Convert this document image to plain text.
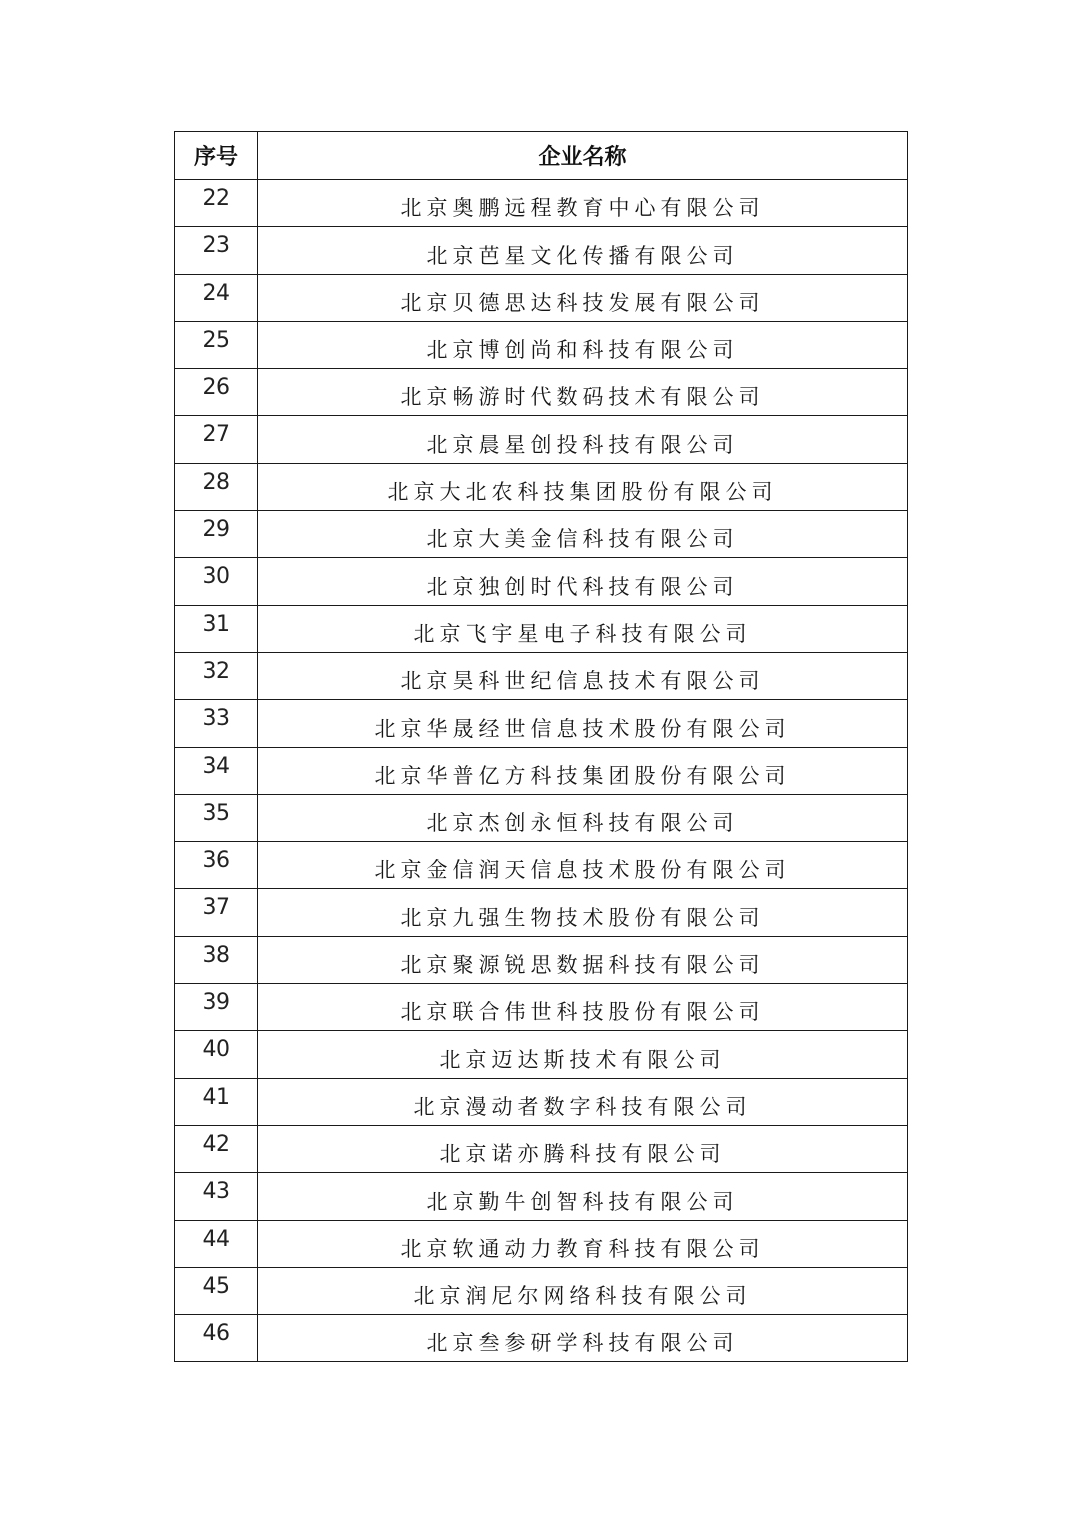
序号	企业名称
22	北京奥鹏远程教育中心有限公司
23	北京芭星文化传播有限公司
24	北京贝德思达科技发展有限公司
25	北京博创尚和科技有限公司
26	北京畅游时代数码技术有限公司
27	北京晨星创投科技有限公司
28	北京大北农科技集团股份有限公司
29	北京大美金信科技有限公司
30	北京独创时代科技有限公司
31	北京飞宇星电子科技有限公司
32	北京昊科世纪信息技术有限公司
33	北京华晟经世信息技术股份有限公司
34	北京华普亿方科技集团股份有限公司
35	北京杰创永恒科技有限公司
36	北京金信润天信息技术股份有限公司
37	北京九强生物技术股份有限公司
38	北京聚源锐思数据科技有限公司
39	北京联合伟世科技股份有限公司
40	北京迈达斯技术有限公司
41	北京漫动者数字科技有限公司
42	北京诺亦腾科技有限公司
43	北京勤牛创智科技有限公司
44	北京软通动力教育科技有限公司
45	北京润尼尔网络科技有限公司
46	北京叁参研学科技有限公司
